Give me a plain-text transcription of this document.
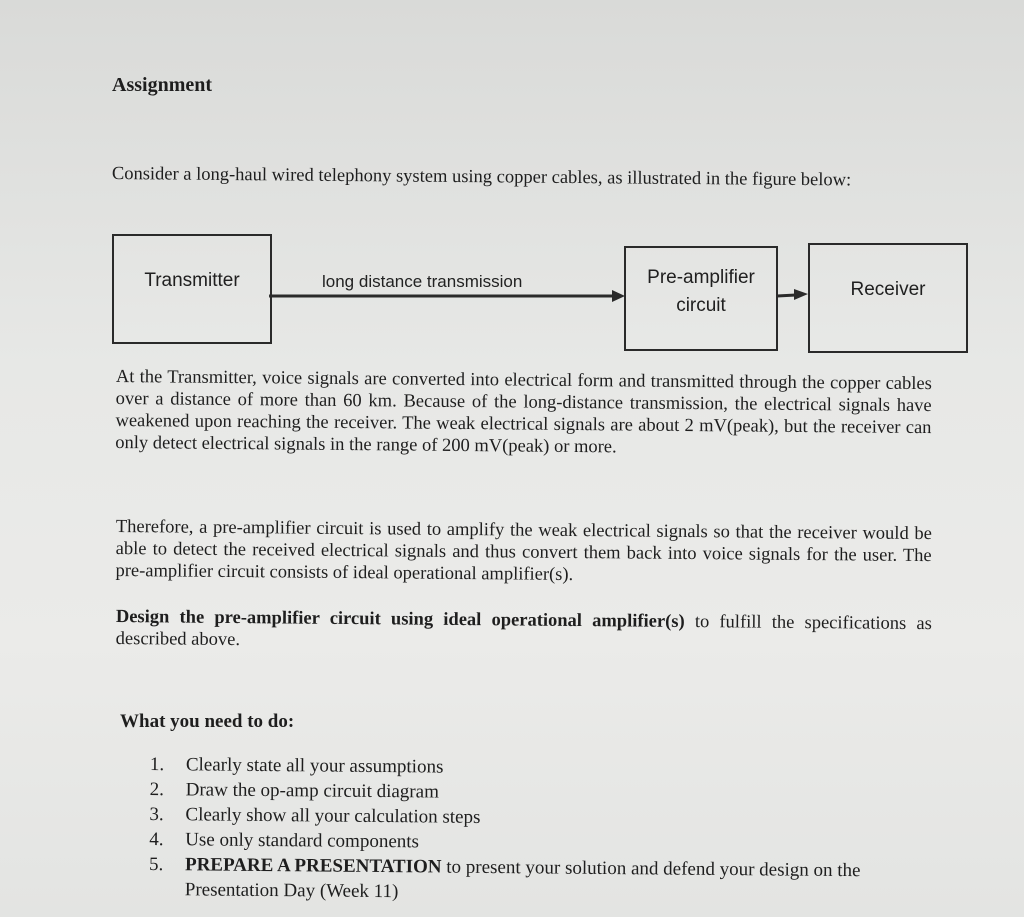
Assignment
Consider a long-haul wired telephony system using copper cables, as illustrated in the figure below:
Transmitter	long distance transmission	Pre-amplifier
circuit
Receiver
At the Transmitter, voice signals are converted into electrical form and transmitted through the copper cables over a distance of more than 60 km. Because of the long-distance transmission, the electrical signals have weakened upon reaching the receiver. The weak electrical signals are about 2 mV(peak), but the receiver can only detect electrical signals in the range of 200 mV(peak) or more.
Therefore, a pre-amplifier circuit is used to amplify the weak electrical signals so that the receiver would be able to detect the received electrical signals and thus convert them back into voice signals for the user. The pre-amplifier circuit consists of ideal operational amplifier(s).
Design the pre-amplifier circuit using ideal operational amplifier(s) to fulfill the specifications as described above.
What you need to do:
1. Clearly state all your assumptions
2. Draw the op-amp circuit diagram
3. Clearly show all your calculation steps
4. Use only standard components
5. PREPARE A PRESENTATION to present your solution and defend your design on the Presentation Day (Week 11)
